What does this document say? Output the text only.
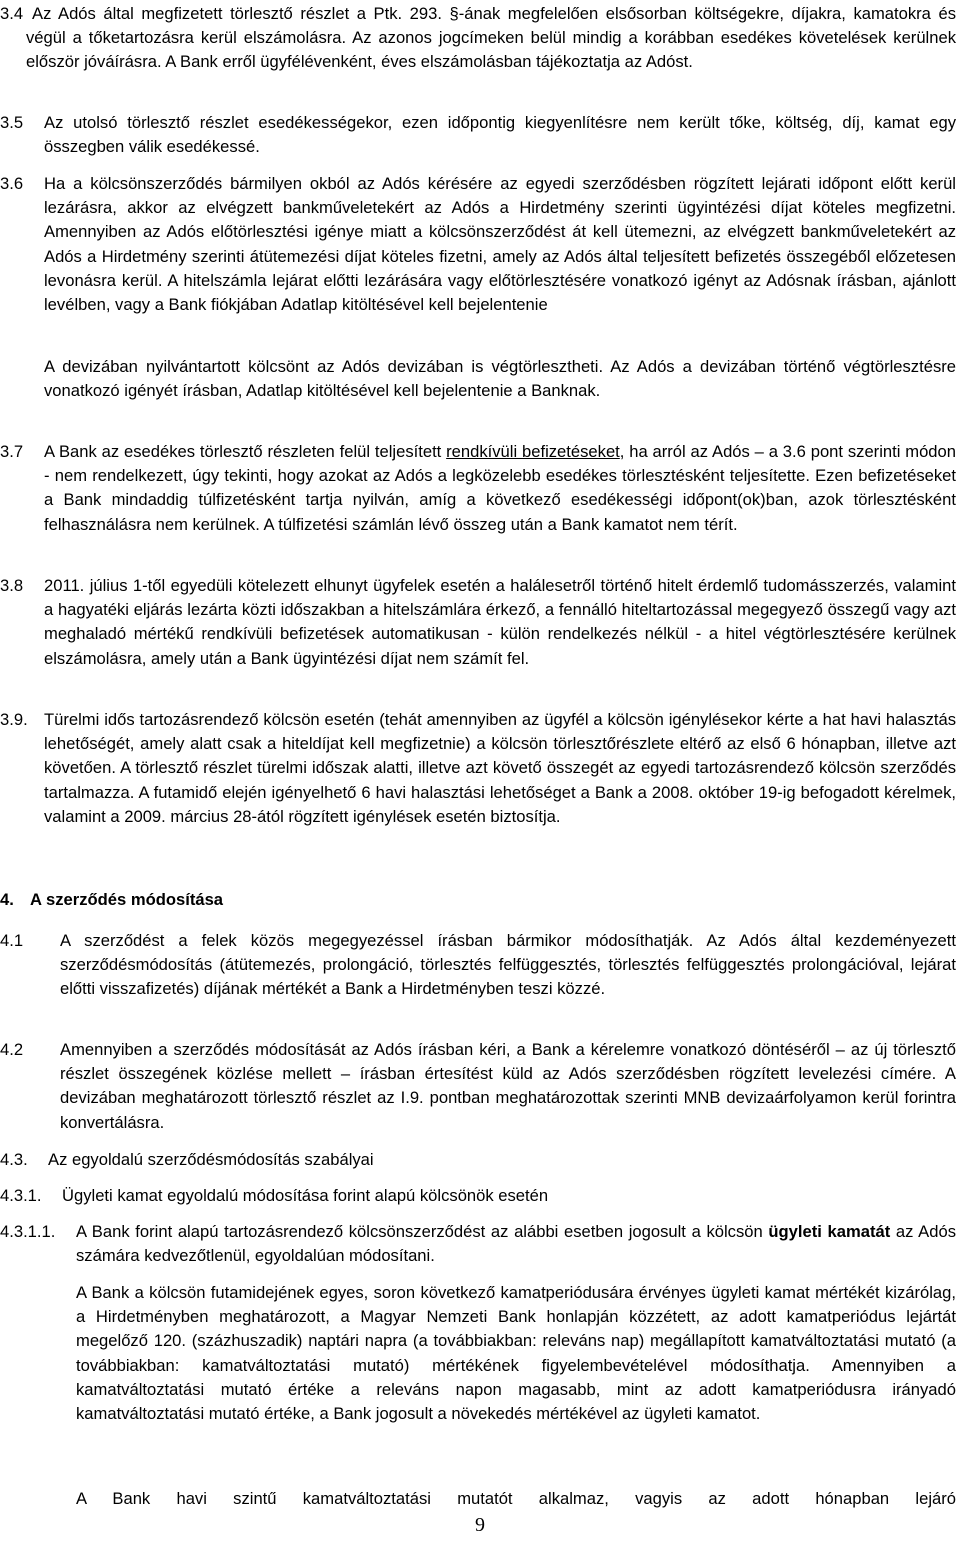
3.4 Az Adós által megfizetett törlesztő részlet a Ptk. 293. §-ának megfelelően elsősorban költségekre, díjakra, kamatokra és végül a tőketartozásra kerül elszámolásra. Az azonos jogcímeken belül mindig a korábban esedékes követelések kerülnek először jóváírásra. A Bank erről ügyfélévenként, éves elszámolásban tájékoztatja az Adóst.
3.5 Az utolsó törlesztő részlet esedékességekor, ezen időpontig kiegyenlítésre nem került tőke, költség, díj, kamat egy összegben válik esedékessé.
3.6 Ha a kölcsönszerződés bármilyen okból az Adós kérésére az egyedi szerződésben rögzített lejárati időpont előtt kerül lezárásra, akkor az elvégzett bankműveletekért az Adós a Hirdetmény szerinti ügyintézési díjat köteles megfizetni. Amennyiben az Adós előtörlesztési igénye miatt a kölcsönszerződést át kell ütemezni, az elvégzett bankműveletekért az Adós a Hirdetmény szerinti átütemezési díjat köteles fizetni, amely az Adós által teljesített befizetés összegéből előzetesen levonásra kerül. A hitelszámla lejárat előtti lezárására vagy előtörlesztésére vonatkozó igényt az Adósnak írásban, ajánlott levélben, vagy a Bank fiókjában Adatlap kitöltésével kell bejelentenie
A devizában nyilvántartott kölcsönt az Adós devizában is végtörlesztheti. Az Adós a devizában történő végtörlesztésre vonatkozó igényét írásban, Adatlap kitöltésével kell bejelentenie a Banknak.
3.7 A Bank az esedékes törlesztő részleten felül teljesített rendkívüli befizetéseket, ha arról az Adós – a 3.6 pont szerinti módon - nem rendelkezett, úgy tekinti, hogy azokat az Adós a legközelebb esedékes törlesztésként teljesítette. Ezen befizetéseket a Bank mindaddig túlfizetésként tartja nyilván, amíg a következő esedékességi időpont(ok)ban, azok törlesztésként felhasználásra nem kerülnek. A túlfizetési számlán lévő összeg után a Bank kamatot nem térít.
3.8 2011. július 1-től egyedüli kötelezett elhunyt ügyfelek esetén a halálesetről történő hitelt érdemlő tudomásszerzés, valamint a hagyatéki eljárás lezárta közti időszakban a hitelszámlára érkező, a fennálló hiteltartozással megegyező összegű vagy azt meghaladó mértékű rendkívüli befizetések automatikusan - külön rendelkezés nélkül - a hitel végtörlesztésére kerülnek elszámolásra, amely után a Bank ügyintézési díjat nem számít fel.
3.9. Türelmi idős tartozásrendező kölcsön esetén (tehát amennyiben az ügyfél a kölcsön igénylésekor kérte a hat havi halasztás lehetőségét, amely alatt csak a hiteldíjat kell megfizetnie) a kölcsön törlesztőrészlete eltérő az első 6 hónapban, illetve azt követően. A törlesztő részlet türelmi időszak alatti, illetve azt követő összegét az egyedi tartozásrendező kölcsön szerződés tartalmazza. A futamidő elején igényelhető 6 havi halasztási lehetőséget a Bank a 2008. október 19-ig befogadott kérelmek, valamint a 2009. március 28-ától rögzített igénylések esetén biztosítja.
4. A szerződés módosítása
4.1 A szerződést a felek közös megegyezéssel írásban bármikor módosíthatják. Az Adós által kezdeményezett szerződésmódosítás (átütemezés, prolongáció, törlesztés felfüggesztés, törlesztés felfüggesztés prolongációval, lejárat előtti visszafizetés) díjának mértékét a Bank a Hirdetményben teszi közzé.
4.2 Amennyiben a szerződés módosítását az Adós írásban kéri, a Bank a kérelemre vonatkozó döntéséről – az új törlesztő részlet összegének közlése mellett – írásban értesítést küld az Adós szerződésben rögzített levelezési címére. A devizában meghatározott törlesztő részlet az I.9. pontban meghatározottak szerinti MNB devizaárfolyamon kerül forintra konvertálásra.
4.3. Az egyoldalú szerződésmódosítás szabályai
4.3.1. Ügyleti kamat egyoldalú módosítása forint alapú kölcsönök esetén
4.3.1.1. A Bank forint alapú tartozásrendező kölcsönszerződést az alábbi esetben jogosult a kölcsön ügyleti kamatát az Adós számára kedvezőtlenül, egyoldalúan módosítani.
A Bank a kölcsön futamidejének egyes, soron következő kamatperiódusára érvényes ügyleti kamat mértékét kizárólag, a Hirdetményben meghatározott, a Magyar Nemzeti Bank honlapján közzétett, az adott kamatperiódus lejártát megelőző 120. (százhuszadik) naptári napra (a továbbiakban: releváns nap) megállapított kamatváltoztatási mutató (a továbbiakban: kamatváltoztatási mutató) mértékének figyelembevételével módosíthatja. Amennyiben a kamatváltoztatási mutató értéke a releváns napon magasabb, mint az adott kamatperiódusra irányadó kamatváltoztatási mutató értéke, a Bank jogosult a növekedés mértékével az ügyleti kamatot.
A Bank havi szintű kamatváltoztatási mutatót alkalmaz, vagyis az adott hónapban lejáró
9
